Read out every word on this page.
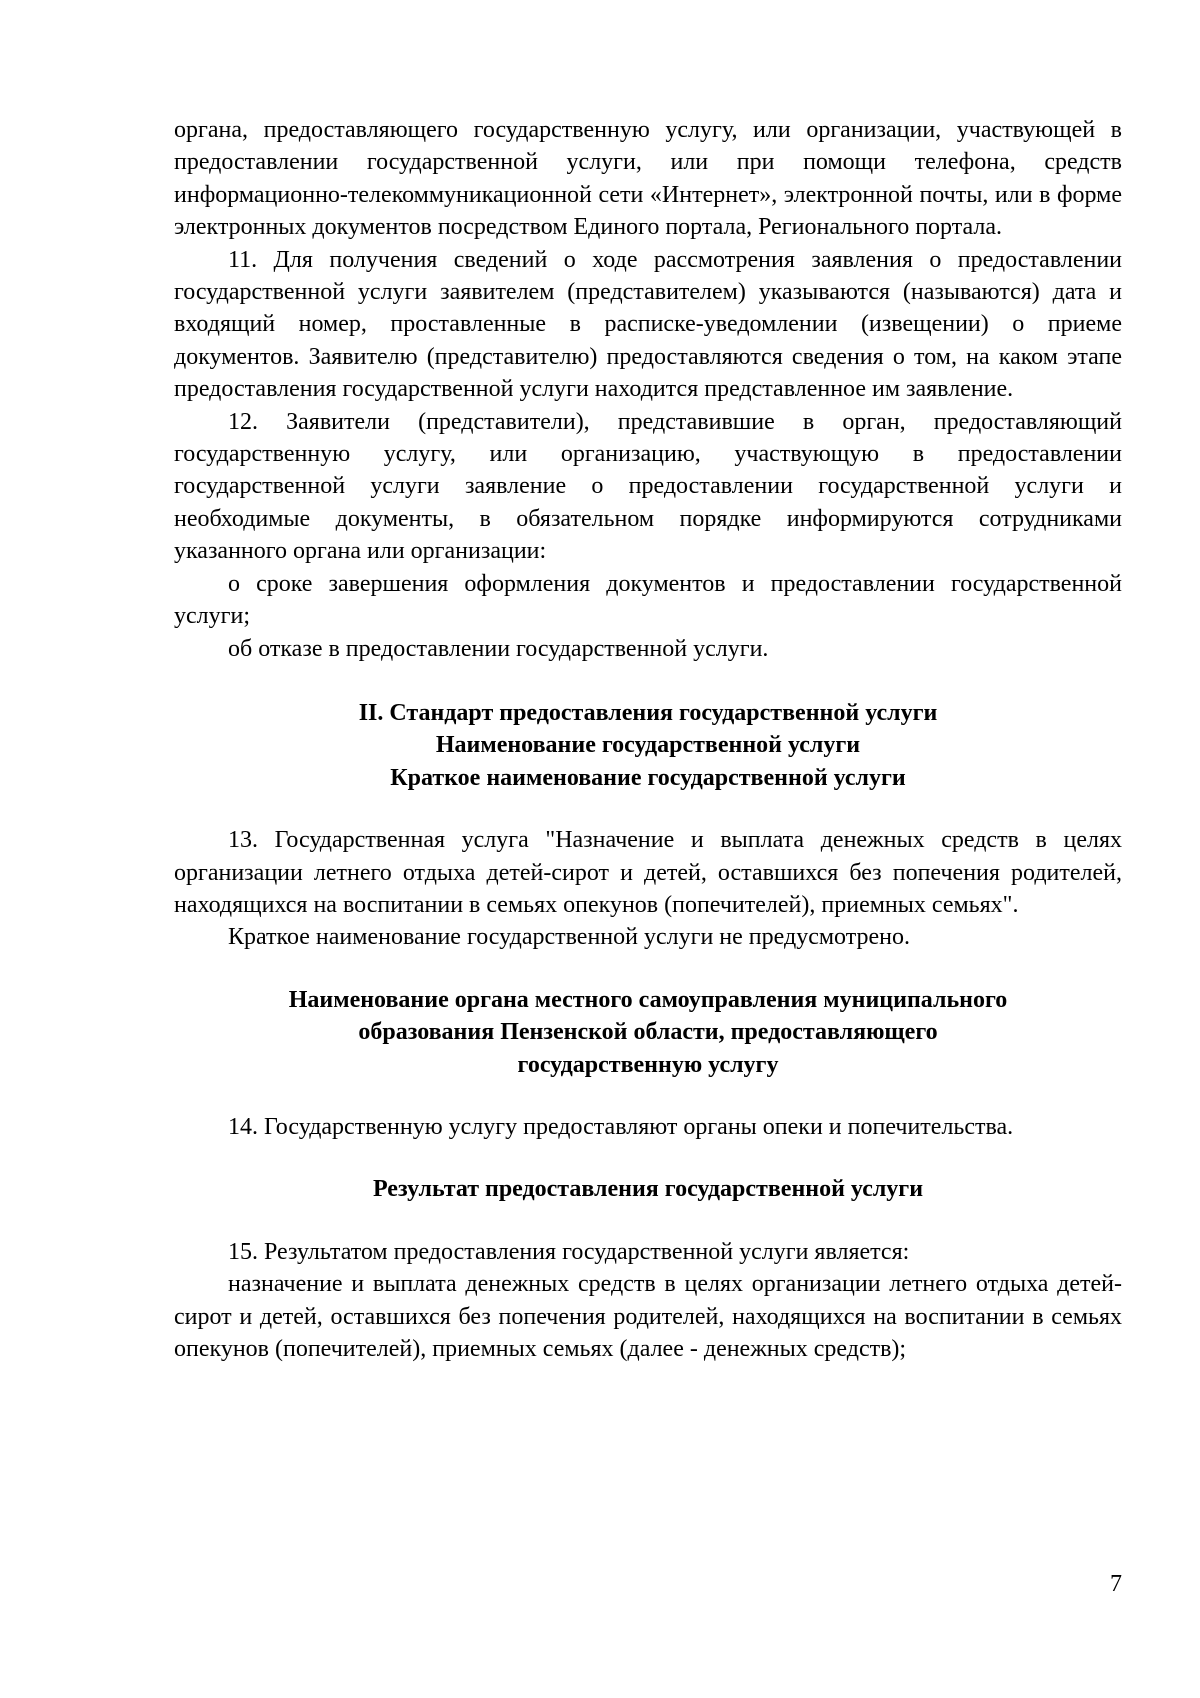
органа, предоставляющего государственную услугу, или организации, участвующей в предоставлении государственной услуги, или при помощи телефона, средств информационно-телекоммуникационной сети «Интернет», электронной почты, или в форме электронных документов посредством Единого портала, Регионального портала.

11. Для получения сведений о ходе рассмотрения заявления о предоставлении государственной услуги заявителем (представителем) указываются (называются) дата и входящий номер, проставленные в расписке-уведомлении (извещении) о приеме документов. Заявителю (представителю) предоставляются сведения о том, на каком этапе предоставления государственной услуги находится представленное им заявление.

12. Заявители (представители), представившие в орган, предоставляющий государственную услугу, или организацию, участвующую в предоставлении государственной услуги заявление о предоставлении государственной услуги и необходимые документы, в обязательном порядке информируются сотрудниками указанного органа или организации:

о сроке завершения оформления документов и предоставлении государственной услуги;

об отказе в предоставлении государственной услуги.

II. Стандарт предоставления государственной услуги

Наименование государственной услуги

Краткое наименование государственной услуги

13. Государственная услуга "Назначение и выплата денежных средств в целях организации летнего отдыха детей-сирот и детей, оставшихся без попечения родителей, находящихся на воспитании в семьях опекунов (попечителей), приемных семьях".

Краткое наименование государственной услуги не предусмотрено.

Наименование органа местного самоуправления муниципального

образования Пензенской области, предоставляющего

государственную услугу

14. Государственную услугу предоставляют органы опеки и попечительства.

Результат предоставления государственной услуги

15. Результатом предоставления государственной услуги является:

назначение и выплата денежных средств в целях организации летнего отдыха детей-сирот и детей, оставшихся без попечения родителей, находящихся на воспитании в семьях опекунов (попечителей), приемных семьях (далее - денежных средств);

7
